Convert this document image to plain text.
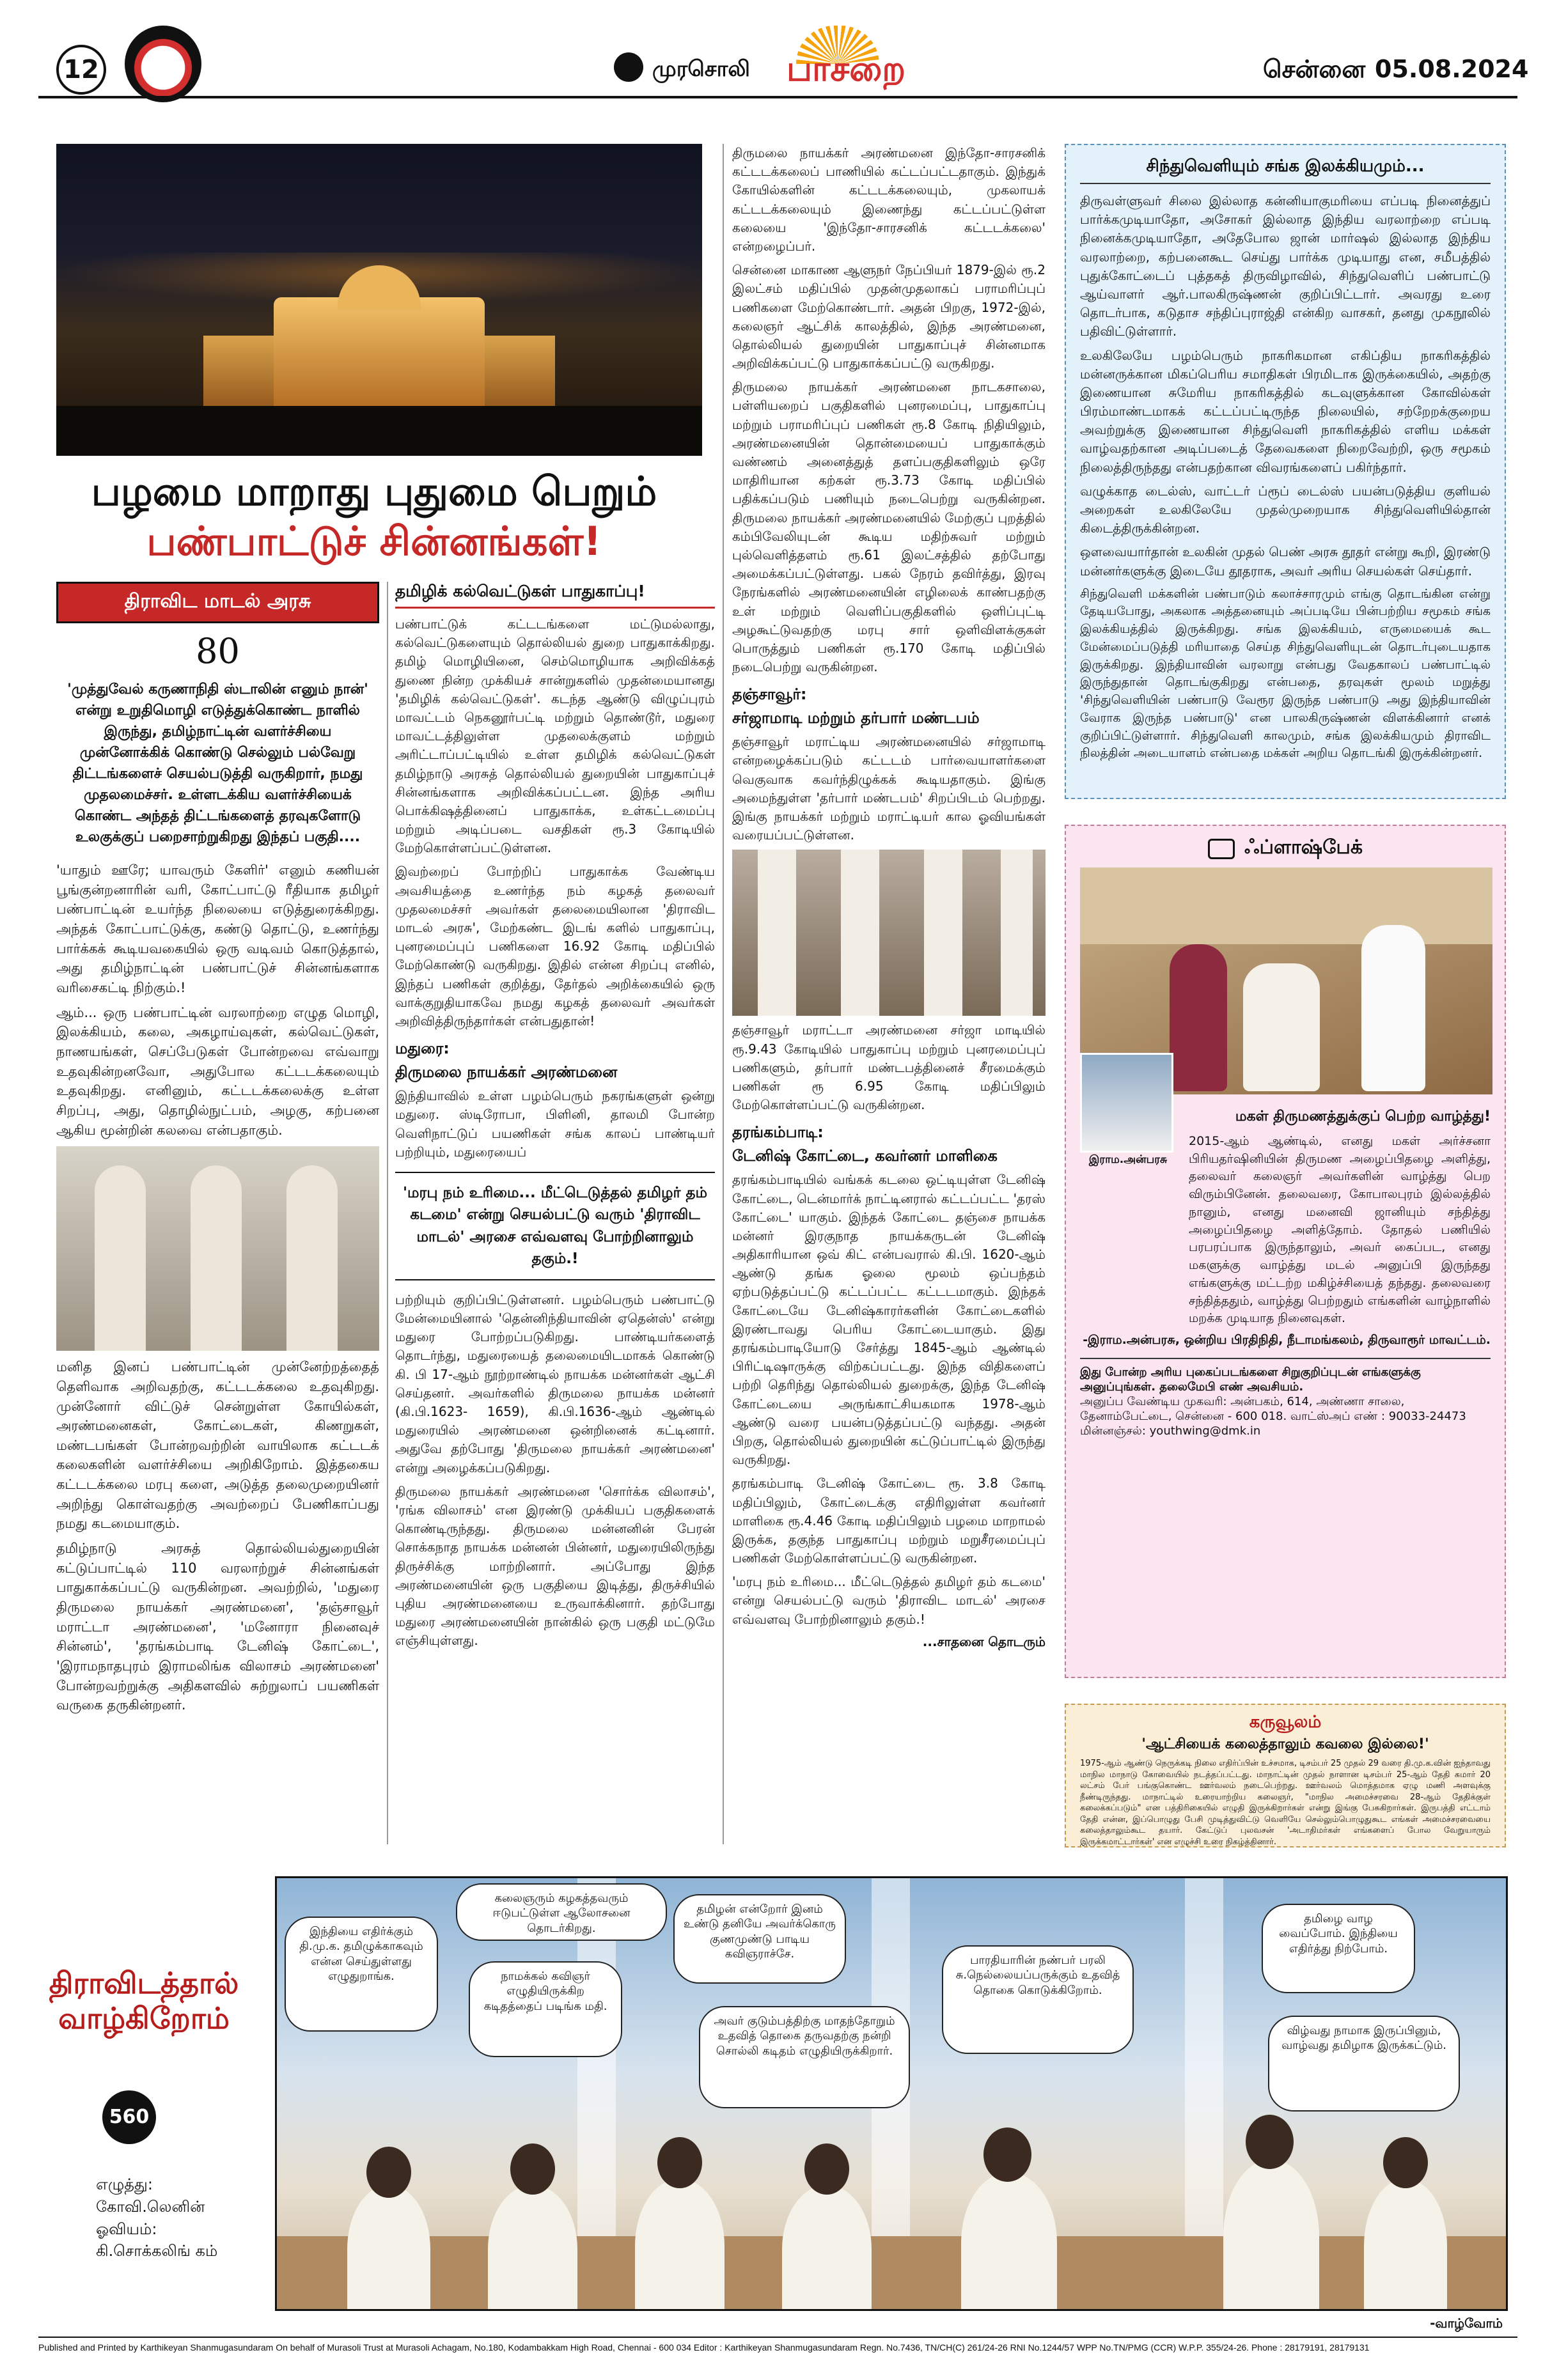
12	முரசொலி பாசறை	சென்னை 05.08.2024
பழமை மாறாது புதுமை பெறும்
பண்பாட்டுச் சின்னங்கள்!
திராவிட மாடல் அரசு
80
'முத்துவேல் கருணாநிதி ஸ்டாலின் எனும் நான்' என்று உறுதிமொழி எடுத்துக்கொண்ட நாளில் இருந்து, தமிழ்நாட்டின் வளர்ச்சியை முன்னோக்கிக் கொண்டு செல்லும் பல்வேறு திட்டங்களைச் செயல்படுத்தி வருகிறார், நமது முதலமைச்சர். உள்ளடக்கிய வளர்ச்சியைக் கொண்ட அந்தத் திட்டங்களைத் தரவுகளோடு உலகுக்குப் பறைசாற்றுகிறது இந்தப் பகுதி....

'யாதும் ஊரே; யாவரும் கேளிர்' எனும் கணியன் பூங்குன்றனாரின் வரி, கோட்பாட்டு ரீதியாக தமிழர் பண்பாட்டின் உயர்ந்த நிலையை எடுத்துரைக்கிறது. அந்தக் கோட்பாட்டுக்கு, கண்டு தொட்டு, உணர்ந்து பார்க்கக் கூடியவகையில் ஒரு வடிவம் கொடுத்தால், அது தமிழ்நாட்டின் பண்பாட்டுச் சின்னங்களாக வரிசைகட்டி நிற்கும்.!

ஆம்... ஒரு பண்பாட்டின் வரலாற்றை எழுத மொழி, இலக்கியம், கலை, அகழாய்வுகள், கல்வெட்டுகள், நாணயங்கள், செப்பேடுகள் போன்றவை எவ்வாறு உதவுகின்றனவோ, அதுபோல கட்டடக்கலையும் உதவுகிறது. எனினும், கட்டடக்கலைக்கு உள்ள சிறப்பு, அது, தொழில்நுட்பம், அழகு, கற்பனை ஆகிய மூன்றின் கலவை என்பதாகும்.

மனித இனப் பண்பாட்டின் முன்னேற்றத்தைத் தெளிவாக அறிவதற்கு, கட்டடக்கலை உதவுகிறது. முன்னோர் விட்டுச் சென்றுள்ள கோயில்கள், அரண்மனைகள், கோட்டைகள், கிணறுகள், மண்டபங்கள் போன்றவற்றின் வாயிலாக கட்டடக் கலைகளின் வளர்ச்சியை அறிகிறோம். இத்தகைய கட்டடக்கலை மரபு களை, அடுத்த தலைமுறையினர் அறிந்து கொள்வதற்கு அவற்றைப் பேணிகாப்பது நமது கடமையாகும்.

தமிழ்நாடு அரசுத் தொல்லியல்துறையின் கட்டுப்பாட்டில் 110 வரலாற்றுச் சின்னங்கள் பாதுகாக்கப்பட்டு வருகின்றன. அவற்றில், 'மதுரை திருமலை நாயக்கர் அரண்மனை', 'தஞ்சாவூர் மராட்டா அரண்மனை', 'மனோரா நினைவுச் சின்னம்', 'தரங்கம்பாடி டேனிஷ் கோட்டை', 'இராமநாதபுரம் இராமலிங்க விலாசம் அரண்மனை' போன்றவற்றுக்கு அதிகளவில் சுற்றுலாப் பயணிகள் வருகை தருகின்றனர்.

தமிழிக் கல்வெட்டுகள் பாதுகாப்பு!

பண்பாட்டுக் கட்டடங்களை மட்டுமல்லாது, கல்வெட்டுகளையும் தொல்லியல் துறை பாதுகாக்கிறது. தமிழ் மொழியினை, செம்மொழியாக அறிவிக்கத் துணை நின்ற முக்கியச் சான்றுகளில் முதன்மையானது 'தமிழிக் கல்வெட்டுகள்'. கடந்த ஆண்டு விழுப்புரம் மாவட்டம் நெகனூர்பட்டி மற்றும் தொண்டூர், மதுரை மாவட்டத்திலுள்ள முதலைக்குளம் மற்றும் அரிட்டாப்பட்டியில் உள்ள தமிழிக் கல்வெட்டுகள் தமிழ்நாடு அரசுத் தொல்லியல் துறையின் பாதுகாப்புச் சின்னங்களாக அறிவிக்கப்பட்டன. இந்த அரிய பொக்கிஷத்தினைப் பாதுகாக்க, உள்கட்டமைப்பு மற்றும் அடிப்படை வசதிகள் ரூ.3 கோடியில் மேற்கொள்ளப்பட்டுள்ளன.

இவற்றைப் போற்றிப் பாதுகாக்க வேண்டிய அவசியத்தை உணர்ந்த நம் கழகத் தலைவர் முதலமைச்சர் அவர்கள் தலைமையிலான 'திராவிட மாடல் அரசு', மேற்கண்ட இடங் களில் பாதுகாப்பு, புனரமைப்புப் பணிகளை 16.92 கோடி மதிப்பில் மேற்கொண்டு வருகிறது. இதில் என்ன சிறப்பு எனில், இந்தப் பணிகள் குறித்து, தேர்தல் அறிக்கையில் ஒரு வாக்குறுதியாகவே நமது கழகத் தலைவர் அவர்கள் அறிவித்திருந்தார்கள் என்பதுதான்!

மதுரை:
திருமலை நாயக்கர் அரண்மனை

இந்தியாவில் உள்ள பழம்பெரும் நகரங்களுள் ஒன்று மதுரை. ஸ்டிரோபா, பிளினி, தாலமி போன்ற வெளிநாட்டுப் பயணிகள் சங்க காலப் பாண்டியர் பற்றியும், மதுரையைப்

'மரபு நம் உரிமை... மீட்டெடுத்தல் தமிழர் தம் கடமை' என்று செயல்பட்டு வரும் 'திராவிட மாடல்' அரசை எவ்வளவு போற்றினாலும் தகும்.!

பற்றியும் குறிப்பிட்டுள்ளனர். பழம்பெரும் பண்பாட்டு மேன்மையினால் 'தென்னிந்தியாவின் ஏதென்ஸ்' என்று மதுரை போற்றப்படுகிறது. பாண்டியர்களைத் தொடர்ந்து, மதுரையைத் தலைமையிடமாகக் கொண்டு கி. பி 17-ஆம் நூற்றாண்டில் நாயக்க மன்னர்கள் ஆட்சி செய்தனர். அவர்களில் திருமலை நாயக்க மன்னர் (கி.பி.1623- 1659), கி.பி.1636-ஆம் ஆண்டில் மதுரையில் அரண்மனை ஒன்றினைக் கட்டினார். அதுவே தற்போது 'திருமலை நாயக்கர் அரண்மனை' என்று அழைக்கப்படுகிறது.

திருமலை நாயக்கர் அரண்மனை 'சொர்க்க விலாசம்', 'ரங்க விலாசம்' என இரண்டு முக்கியப் பகுதிகளைக் கொண்டிருந்தது. திருமலை மன்னனின் பேரன் சொக்கநாத நாயக்க மன்னன் பின்னர், மதுரையிலிருந்து திருச்சிக்கு மாற்றினார். அப்போது இந்த அரண்மனையின் ஒரு பகுதியை இடித்து, திருச்சியில் புதிய அரண்மனையை உருவாக்கினார். தற்போது மதுரை அரண்மனையின் நான்கில் ஒரு பகுதி மட்டுமே எஞ்சியுள்ளது.

திருமலை நாயக்கர் அரண்மனை இந்தோ-சாரசனிக் கட்டடக்கலைப் பாணியில் கட்டப்பட்டதாகும். இந்துக் கோயில்களின் கட்டடக்கலையும், முகலாயக் கட்டடக்கலையும் இணைந்து கட்டப்பட்டுள்ள கலையை 'இந்தோ-சாரசனிக் கட்டடக்கலை' என்றழைப்பர்.

சென்னை மாகாண ஆளுநர் நேப்பியர் 1879-இல் ரூ.2 இலட்சம் மதிப்பில் முதன்முதலாகப் பராமரிப்புப் பணிகளை மேற்கொண்டார். அதன் பிறகு, 1972-இல், கலைஞர் ஆட்சிக் காலத்தில், இந்த அரண்மனை, தொல்லியல் துறையின் பாதுகாப்புச் சின்னமாக அறிவிக்கப்பட்டு பாதுகாக்கப்பட்டு வருகிறது.

திருமலை நாயக்கர் அரண்மனை நாடகசாலை, பள்ளியறைப் பகுதிகளில் புனரமைப்பு, பாதுகாப்பு மற்றும் பராமரிப்புப் பணிகள் ரூ.8 கோடி நிதியிலும், அரண்மனையின் தொன்மையைப் பாதுகாக்கும் வண்ணம் அனைத்துத் தளப்பகுதிகளிலும் ஒரே மாதிரியான கற்கள் ரூ.3.73 கோடி மதிப்பில் பதிக்கப்படும் பணியும் நடைபெற்று வருகின்றன. திருமலை நாயக்கர் அரண்மனையில் மேற்குப் புறத்தில் கம்பிவேலியுடன் கூடிய மதிற்சுவர் மற்றும் புல்வெளித்தளம் ரூ.61 இலட்சத்தில் தற்போது அமைக்கப்பட்டுள்ளது. பகல் நேரம் தவிர்த்து, இரவு நேரங்களில் அரண்மனையின் எழிலைக் காண்பதற்கு உள் மற்றும் வெளிப்பகுதிகளில் ஒளிப்புட்டி அழகூட்டுவதற்கு மரபு சார் ஒளிவிளக்குகள் பொருத்தும் பணிகள் ரூ.170 கோடி மதிப்பில் நடைபெற்று வருகின்றன.

தஞ்சாவூர்:
சர்ஜாமாடி மற்றும் தர்பார் மண்டபம்

தஞ்சாவூர் மராட்டிய அரண்மனையில் சர்ஜாமாடி என்றழைக்கப்படும் கட்டடம் பார்வையாளர்களை வெகுவாக கவர்ந்திழுக்கக் கூடியதாகும். இங்கு அமைந்துள்ள 'தர்பார் மண்டபம்' சிறப்பிடம் பெற்றது. இங்கு நாயக்கர் மற்றும் மராட்டியர் கால ஓவியங்கள் வரையப்பட்டுள்ளன.

தஞ்சாவூர் மராட்டா அரண்மனை சர்ஜா மாடியில் ரூ.9.43 கோடியில் பாதுகாப்பு மற்றும் புனரமைப்புப் பணிகளும், தர்பார் மண்டபத்தினைச் சீரமைக்கும் பணிகள் ரூ 6.95 கோடி மதிப்பிலும் மேற்கொள்ளப்பட்டு வருகின்றன.

தரங்கம்பாடி:
டேனிஷ் கோட்டை, கவர்னர் மாளிகை

தரங்கம்பாடியில் வங்கக் கடலை ஒட்டியுள்ள டேனிஷ் கோட்டை, டென்மார்க் நாட்டினரால் கட்டப்பட்ட 'தரஸ் கோட்டை' யாகும். இந்தக் கோட்டை தஞ்சை நாயக்க மன்னர் இரகுநாத நாயக்கருடன் டேனிஷ் அதிகாரியான ஒவ் கிட் என்பவரால் கி.பி. 1620-ஆம் ஆண்டு தங்க ஓலை மூலம் ஒப்பந்தம் ஏற்படுத்தப்பட்டு கட்டப்பட்ட கட்டடமாகும். இந்தக் கோட்டையே டேனிஷ்காரர்களின் கோட்டைகளில் இரண்டாவது பெரிய கோட்டையாகும். இது தரங்கம்பாடியோடு சேர்த்து 1845-ஆம் ஆண்டில் பிரிட்டிஷாருக்கு விற்கப்பட்டது. இந்த விதிகளைப் பற்றி தெரிந்து தொல்லியல் துறைக்கு, இந்த டேனிஷ் கோட்டையை அருங்காட்சியகமாக 1978-ஆம் ஆண்டு வரை பயன்படுத்தப்பட்டு வந்தது. அதன் பிறகு, தொல்லியல் துறையின் கட்டுப்பாட்டில் இருந்து வருகிறது.

தரங்கம்பாடி டேனிஷ் கோட்டை ரூ. 3.8 கோடி மதிப்பிலும், கோட்டைக்கு எதிரிலுள்ள கவர்னர் மாளிகை ரூ.4.46 கோடி மதிப்பிலும் பழமை மாறாமல் இருக்க, தகுந்த பாதுகாப்பு மற்றும் மறுசீரமைப்புப் பணிகள் மேற்கொள்ளப்பட்டு வருகின்றன.

'மரபு நம் உரிமை... மீட்டெடுத்தல் தமிழர் தம் கடமை' என்று செயல்பட்டு வரும் 'திராவிட மாடல்' அரசை எவ்வளவு போற்றினாலும் தகும்.!

...சாதனை தொடரும்
சிந்துவெளியும் சங்க இலக்கியமும்...

திருவள்ளுவர் சிலை இல்லாத கன்னியாகுமரியை எப்படி நினைத்துப் பார்க்கமுடியாதோ, அசோகர் இல்லாத இந்திய வரலாற்றை எப்படி நினைக்கமுடியாதோ, அதேபோல ஜான் மார்ஷல் இல்லாத இந்திய வரலாற்றை, கற்பனைகூட செய்து பார்க்க முடியாது என, சமீபத்தில் புதுக்கோட்டைப் புத்தகத் திருவிழாவில், சிந்துவெளிப் பண்பாட்டு ஆய்வாளர் ஆர்.பாலகிருஷ்ணன் குறிப்பிட்டார். அவரது உரை தொடர்பாக, கடுதாச சந்திப்புராஜ்தி என்கிற வாசகர், தனது முகநூலில் பதிவிட்டுள்ளார்.

உலகிலேயே பழம்பெரும் நாகரிகமான எகிப்திய நாகரிகத்தில் மன்னருக்கான மிகப்பெரிய சமாதிகள் பிரமிடாக இருக்கையில், அதற்கு இணையான சுமேரிய நாகரிகத்தில் கடவுளுக்கான கோவில்கள் பிரம்மாண்டமாகக் கட்டப்பட்டிருந்த நிலையில், சற்றேறக்குறைய அவற்றுக்கு இணையான சிந்துவெளி நாகரிகத்தில் எளிய மக்கள் வாழ்வதற்கான அடிப்படைத் தேவைகளை நிறைவேற்றி, ஒரு சமூகம் நிலைத்திருந்தது என்பதற்கான விவரங்களைப் பகிர்ந்தார்.

வழுக்காத டைல்ஸ், வாட்டர் ப்ரூப் டைல்ஸ் பயன்படுத்திய குளியல் அறைகள் உலகிலேயே முதல்முறையாக சிந்துவெளியில்தான் கிடைத்திருக்கின்றன.

ஒளவையார்தான் உலகின் முதல் பெண் அரசு தூதர் என்று கூறி, இரண்டு மன்னர்களுக்கு இடையே தூதராக, அவர் அரிய செயல்கள் செய்தார்.

சிந்துவெளி மக்களின் பண்பாடும் கலாச்சாரமும் எங்கு தொடங்கின என்று தேடியபோது, அகலாக அத்தனையும் அப்படியே பின்பற்றிய சமூகம் சங்க இலக்கியத்தில் இருக்கிறது. சங்க இலக்கியம், எருமையைக் கூட மேன்மைப்படுத்தி மரியாதை செய்த சிந்துவெளியுடன் தொடர்புடையதாக இருக்கிறது. இந்தியாவின் வரலாறு என்பது வேதகாலப் பண்பாட்டில் இருந்துதான் தொடங்குகிறது என்பதை, தரவுகள் மூலம் மறுத்து 'சிந்துவெளியின் பண்பாடு வேரூர இருந்த பண்பாடு அது இந்தியாவின் வேராக இருந்த பண்பாடு' என பாலகிருஷ்ணன் விளக்கினார் எனக் குறிப்பிட்டுள்ளார். சிந்துவெளி காலமும், சங்க இலக்கியமும் திராவிட நிலத்தின் அடையாளம் என்பதை மக்கள் அறிய தொடங்கி இருக்கின்றனர்.

ஃப்ளாஷ்பேக்
இராம.அன்பரசு
மகள் திருமணத்துக்குப் பெற்ற வாழ்த்து!

2015-ஆம் ஆண்டில், எனது மகள் அர்ச்சனா பிரியதர்ஷினியின் திருமண அழைப்பிதழை அளித்து, தலைவர் கலைஞர் அவர்களின் வாழ்த்து பெற விரும்பினேன். தலைவரை, கோபாலபுரம் இல்லத்தில் நானும், எனது மனைவி ஜானியும் சந்தித்து அழைப்பிதழை அளித்தோம். தோதல் பணியில் பரபரப்பாக இருந்தாலும், அவர் கைப்பட, எனது மகளுக்கு வாழ்த்து மடல் அனுப்பி இருந்தது எங்களுக்கு மட்டற்ற மகிழ்ச்சியைத் தந்தது. தலைவரை சந்தித்ததும், வாழ்த்து பெற்றதும் எங்களின் வாழ்நாளில் மறக்க முடியாத நினைவுகள்.

-இராம.அன்பரசு, ஒன்றிய பிரதிநிதி, நீடாமங்கலம், திருவாரூர் மாவட்டம்.
இது போன்ற அரிய புகைப்படங்களை சிறுகுறிப்புடன் எங்களுக்கு அனுப்புங்கள். தலைமேபி எண் அவசியம்.
அனுப்ப வேண்டிய முகவரி: அன்பகம், 614, அண்ணா சாலை, தேனாம்பேட்டை, சென்னை - 600 018. வாட்ஸ்அப் எண் : 90033-24473
மின்னஞ்சல்: youthwing@dmk.in
கருவூலம்
'ஆட்சியைக் கலைத்தாலும் கவலை இல்லை!'

1975-ஆம் ஆண்டு நெருக்கடி நிலை எதிர்ப்பின் உச்சமாக, டிசம்பர் 25 முதல் 29 வரை தி.மு.க.வின் ஐந்தாவது மாநில மாநாடு கோவையில் நடத்தப்பட்டது. மாநாட்டின் முதல் நாளான டிசம்பர் 25-ஆம் தேதி சுமார் 20 லட்சம் பேர் பங்குகொண்ட ஊர்வலம் நடைபெற்றது. ஊர்வலம் மொத்தமாக ஏழு மணி அளவுக்கு நீண்டிருந்தது. மாநாட்டில் உரையாற்றிய கலைஞர், "மாநில அமைச்சரவை 28-ஆம் தேதிக்குள் கலைக்கப்படும்" என பத்திரிகையில் எழுதி இருக்கிறார்கள் என்று இங்கு பேசுகிறார்கள். இருபத்தி எட்டாம் தேதி என்ன, இப்பொழுது பேசி முடித்துவிட்டு வெளியே செல்லும்பொழுதுகூட எங்கள் அமைச்சரவையை கலைத்தாலும்கூட தயார். கேட்டுப் புலவசன் 'அடாதிமர்கள் எங்களைப் போல வேறுயாரும் இருக்கமாட்டார்கள்' என எழுச்சி உரை நிகழ்த்தினார்.

திராவிடத்தால்
வாழ்கிறோம்
560
எழுத்து:
கோவி.லெனின்
ஓவியம்:
கி.சொக்கலிங் கம்
இந்தியை எதிர்க்கும் தி.மு.க. தமிழுக்காகவும் என்ன செய்துள்ளது எழுதுறாங்க.
கலைஞரும் கழகத்தவரும் ஈடுபட்டுள்ள ஆலோசனை தொடர்கிறது.
நாமக்கல் கவிஞர் எழுதியிருக்கிற கடிதத்தைப் படிங்க மதி.
தமிழன் என்றோர் இனம் உண்டு தனியே அவர்க்கொரு குணமுண்டு பாடிய கவிஞராச்சே.
அவர் குடும்பத்திற்கு மாதந்தோறும் உதவித் தொகை தருவதற்கு நன்றி சொல்லி கடிதம் எழுதியிருக்கிறார்.
பாரதியாரின் நண்பர் பரலி சு.நெல்லையப்பருக்கும் உதவித் தொகை கொடுக்கிறோம்.
தமிழை வாழ வைப்போம். இந்தியை எதிர்த்து நிற்போம்.
விழ்வது நாமாக இருப்பினும், வாழ்வது தமிழாக இருக்கட்டும்.
-வாழ்வோம்
Published and Printed by Karthikeyan Shanmugasundaram On behalf of Murasoli Trust at Murasoli Achagam, No.180, Kodambakkam High Road, Chennai - 600 034 Editor : Karthikeyan Shanmugasundaram Regn. No.7436, TN/CH(C) 261/24-26 RNI No.1244/57 WPP No.TN/PMG (CCR) W.P.P. 355/24-26. Phone : 28179191, 28179131
